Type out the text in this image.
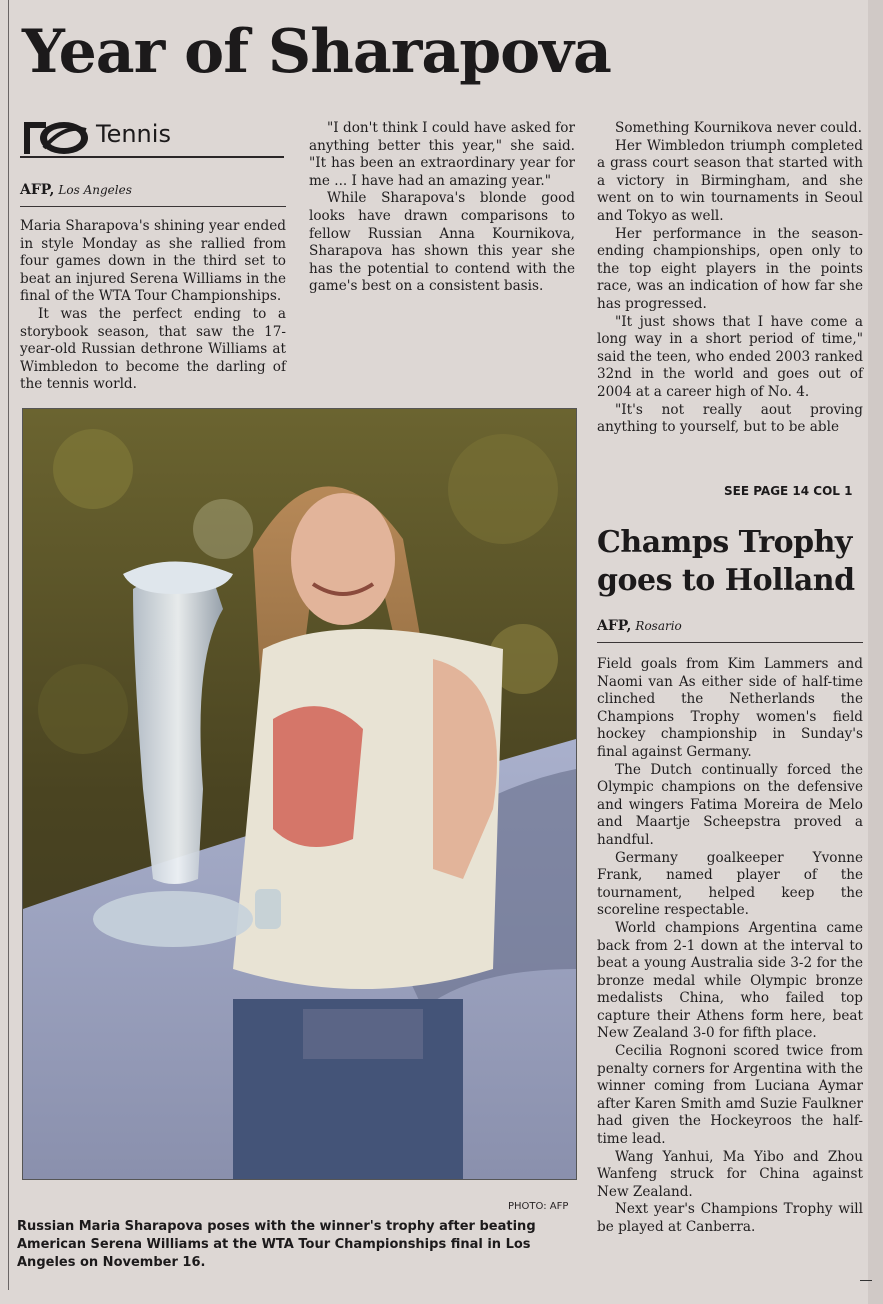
Year of Sharapova
Tennis
AFP, Los Angeles

Maria Sharapova's shining year ended in style Monday as she rallied from four games down in the third set to beat an injured Serena Williams in the final of the WTA Tour Championships.

It was the perfect ending to a storybook season, that saw the 17-year-old Russian dethrone Williams at Wimbledon to become the darling of the tennis world.

"I don't think I could have asked for anything better this year," she said. "It has been an extraordinary year for me ... I have had an amazing year."

While Sharapova's blonde good looks have drawn comparisons to fellow Russian Anna Kournikova, Sharapova has shown this year she has the potential to contend with the game's best on a consistent basis.

Something Kournikova never could.

Her Wimbledon triumph completed a grass court season that started with a victory in Birmingham, and she went on to win tournaments in Seoul and Tokyo as well.

Her performance in the season-ending championships, open only to the top eight players in the points race, was an indication of how far she has progressed.

"It just shows that I have come a long way in a short period of time," said the teen, who ended 2003 ranked 32nd in the world and goes out of 2004 at a career high of No. 4.

"It's not really aout proving anything to yourself, but to be able

SEE PAGE 14 COL 1
PHOTO: AFP

Russian Maria Sharapova poses with the winner's trophy after beating American Serena Williams at the WTA Tour Championships final in Los Angeles on November 16.

Champs Trophy goes to Holland
AFP, Rosario

Field goals from Kim Lammers and Naomi van As either side of half-time clinched the Netherlands the Champions Trophy women's field hockey championship in Sunday's final against Germany.

The Dutch continually forced the Olympic champions on the defensive and wingers Fatima Moreira de Melo and Maartje Scheepstra proved a handful.

Germany goalkeeper Yvonne Frank, named player of the tournament, helped keep the scoreline respectable.

World champions Argentina came back from 2-1 down at the interval to beat a young Australia side 3-2 for the bronze medal while Olympic bronze medalists China, who failed top capture their Athens form here, beat New Zealand 3-0 for fifth place.

Cecilia Rognoni scored twice from penalty corners for Argentina with the winner coming from Luciana Aymar after Karen Smith amd Suzie Faulkner had given the Hockeyroos the half-time lead.

Wang Yanhui, Ma Yibo and Zhou Wanfeng struck for China against New Zealand.

Next year's Champions Trophy will be played at Canberra.
